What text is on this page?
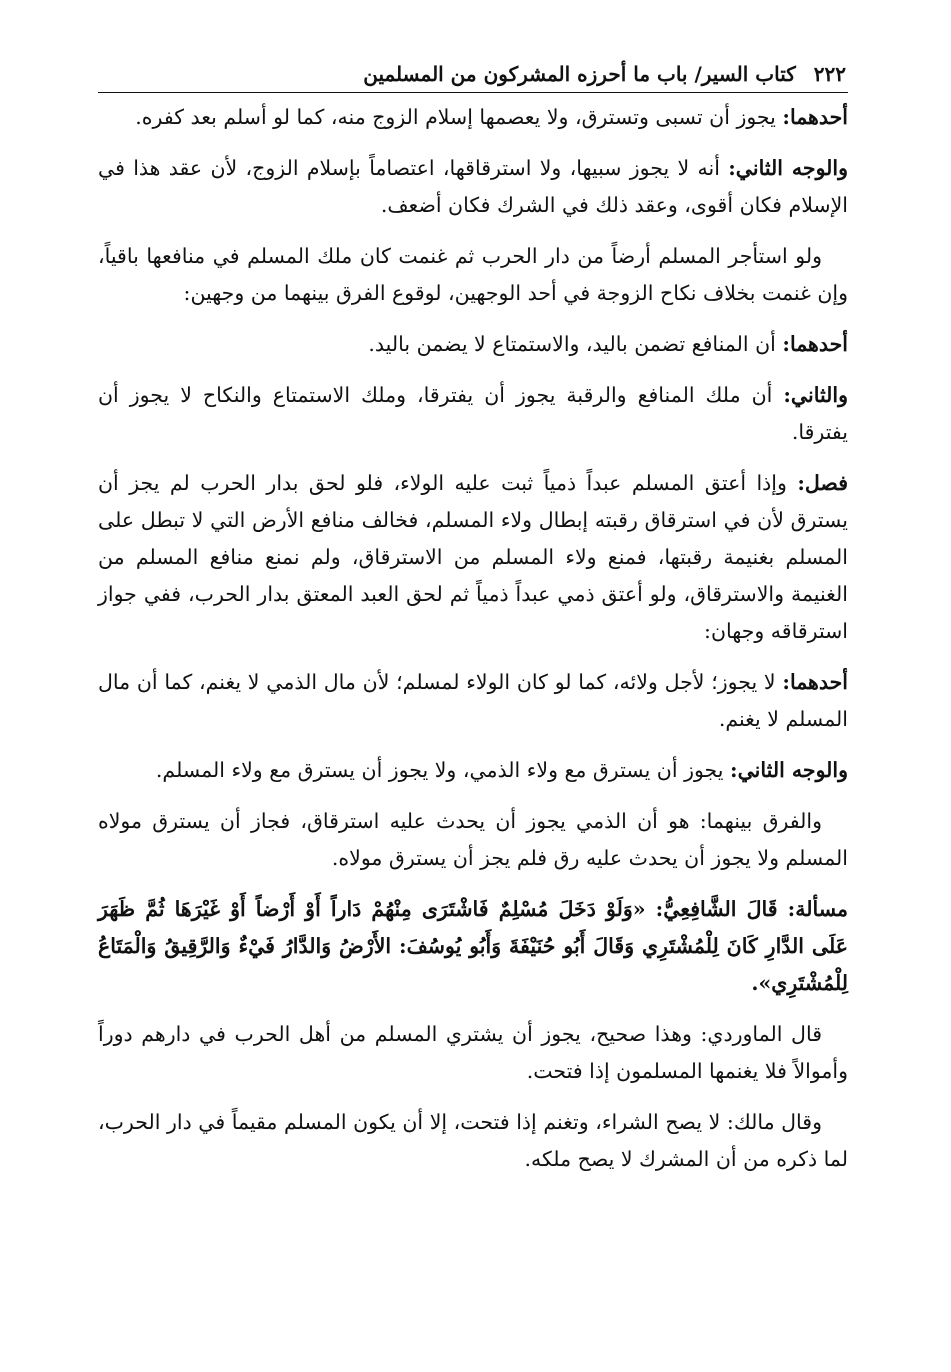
٢٢٢
كتاب السير/ باب ما أحرزه المشركون من المسلمين

أحدهما: يجوز أن تسبى وتسترق، ولا يعصمها إسلام الزوج منه، كما لو أسلم بعد كفره.

والوجه الثاني: أنه لا يجوز سبيها، ولا استرقاقها، اعتصاماً بإسلام الزوج، لأن عقد هذا في الإسلام فكان أقوى، وعقد ذلك في الشرك فكان أضعف.

ولو استأجر المسلم أرضاً من دار الحرب ثم غنمت كان ملك المسلم في منافعها باقياً، وإن غنمت بخلاف نكاح الزوجة في أحد الوجهين، لوقوع الفرق بينهما من وجهين:

أحدهما: أن المنافع تضمن باليد، والاستمتاع لا يضمن باليد.

والثاني: أن ملك المنافع والرقبة يجوز أن يفترقا، وملك الاستمتاع والنكاح لا يجوز أن يفترقا.

فصل: وإذا أعتق المسلم عبداً ذمياً ثبت عليه الولاء، فلو لحق بدار الحرب لم يجز أن يسترق لأن في استرقاق رقبته إبطال ولاء المسلم، فخالف منافع الأرض التي لا تبطل على المسلم بغنيمة رقبتها، فمنع ولاء المسلم من الاسترقاق، ولم نمنع منافع المسلم من الغنيمة والاسترقاق، ولو أعتق ذمي عبداً ذمياً ثم لحق العبد المعتق بدار الحرب، ففي جواز استرقاقه وجهان:

أحدهما: لا يجوز؛ لأجل ولائه، كما لو كان الولاء لمسلم؛ لأن مال الذمي لا يغنم، كما أن مال المسلم لا يغنم.

والوجه الثاني: يجوز أن يسترق مع ولاء الذمي، ولا يجوز أن يسترق مع ولاء المسلم.

والفرق بينهما: هو أن الذمي يجوز أن يحدث عليه استرقاق، فجاز أن يسترق مولاه المسلم ولا يجوز أن يحدث عليه رق فلم يجز أن يسترق مولاه.

مسألة: قَالَ الشَّافِعِيُّ: «وَلَوْ دَخَلَ مُسْلِمٌ فَاشْتَرَى مِنْهُمْ دَاراً أَوْ أَرْضاً أَوْ غَيْرَهَا ثُمَّ ظَهَرَ عَلَى الدَّارِ كَانَ لِلْمُشْتَرِي وَقَالَ أَبُو حُنَيْفَةَ وَأَبُو يُوسُفَ: الأَرْضُ وَالدَّارُ فَيْءٌ وَالرَّقِيقُ وَالْمَتَاعُ لِلْمُشْتَرِي».

قال الماوردي: وهذا صحيح، يجوز أن يشتري المسلم من أهل الحرب في دارهم دوراً وأموالاً فلا يغنمها المسلمون إذا فتحت.

وقال مالك: لا يصح الشراء، وتغنم إذا فتحت، إلا أن يكون المسلم مقيماً في دار الحرب، لما ذكره من أن المشرك لا يصح ملكه.
